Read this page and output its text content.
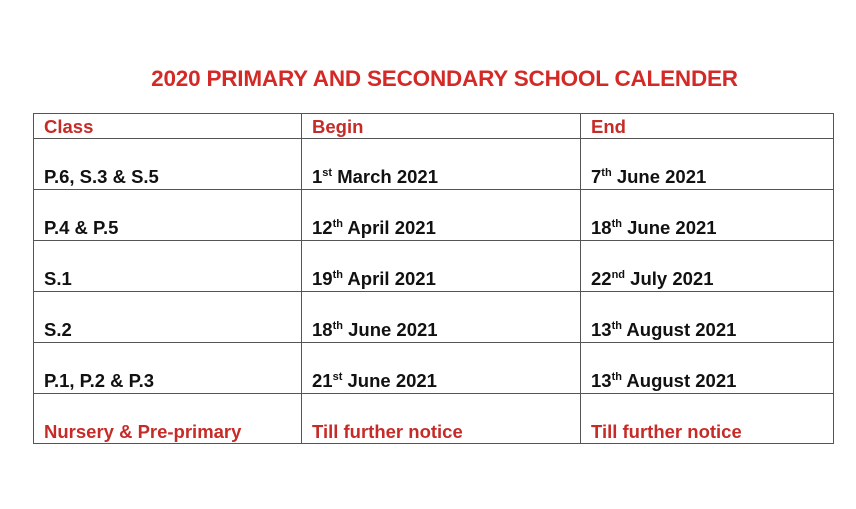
2020 PRIMARY AND SECONDARY SCHOOL CALENDER
Class	Begin	End
P.6, S.3 & S.5	1st March 2021	7th June 2021
P.4 & P.5	12th April 2021	18th June 2021
S.1	19th April 2021	22nd July 2021
S.2	18th June 2021	13th August 2021
P.1, P.2 & P.3	21st June 2021	13th August 2021
Nursery & Pre-primary	Till further notice	Till further notice
